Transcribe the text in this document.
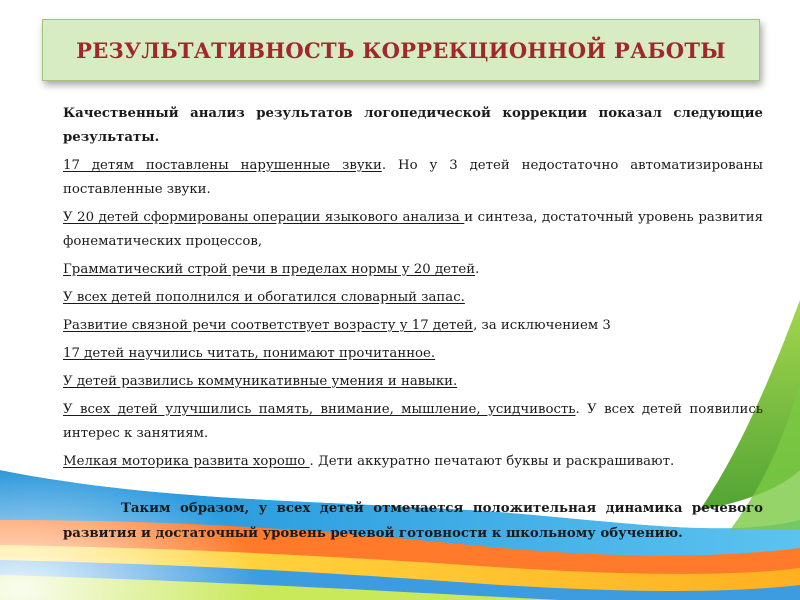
РЕЗУЛЬТАТИВНОСТЬ КОРРЕКЦИОННОЙ РАБОТЫ

Качественный анализ результатов логопедической коррекции показал следующие результаты.

17 детям поставлены нарушенные звуки. Но у 3 детей недостаточно автоматизированы поставленные звуки.

У 20 детей сформированы операции языкового анализа и синтеза, достаточный уровень развития фонематических процессов,

Грамматический строй речи в пределах нормы у 20 детей.

У всех детей пополнился и обогатился словарный запас.

Развитие связной речи соответствует возрасту у 17 детей, за исключением 3

17 детей научились читать, понимают прочитанное.

У детей развились коммуникативные умения и навыки.

У всех детей улучшились память, внимание, мышление, усидчивость. У всех детей появились интерес к занятиям.

Мелкая моторика развита хорошо . Дети аккуратно печатают буквы и раскрашивают.

Таким образом, у всех детей отмечается положительная динамика речевого развития и достаточный уровень речевой готовности к школьному обучению.
